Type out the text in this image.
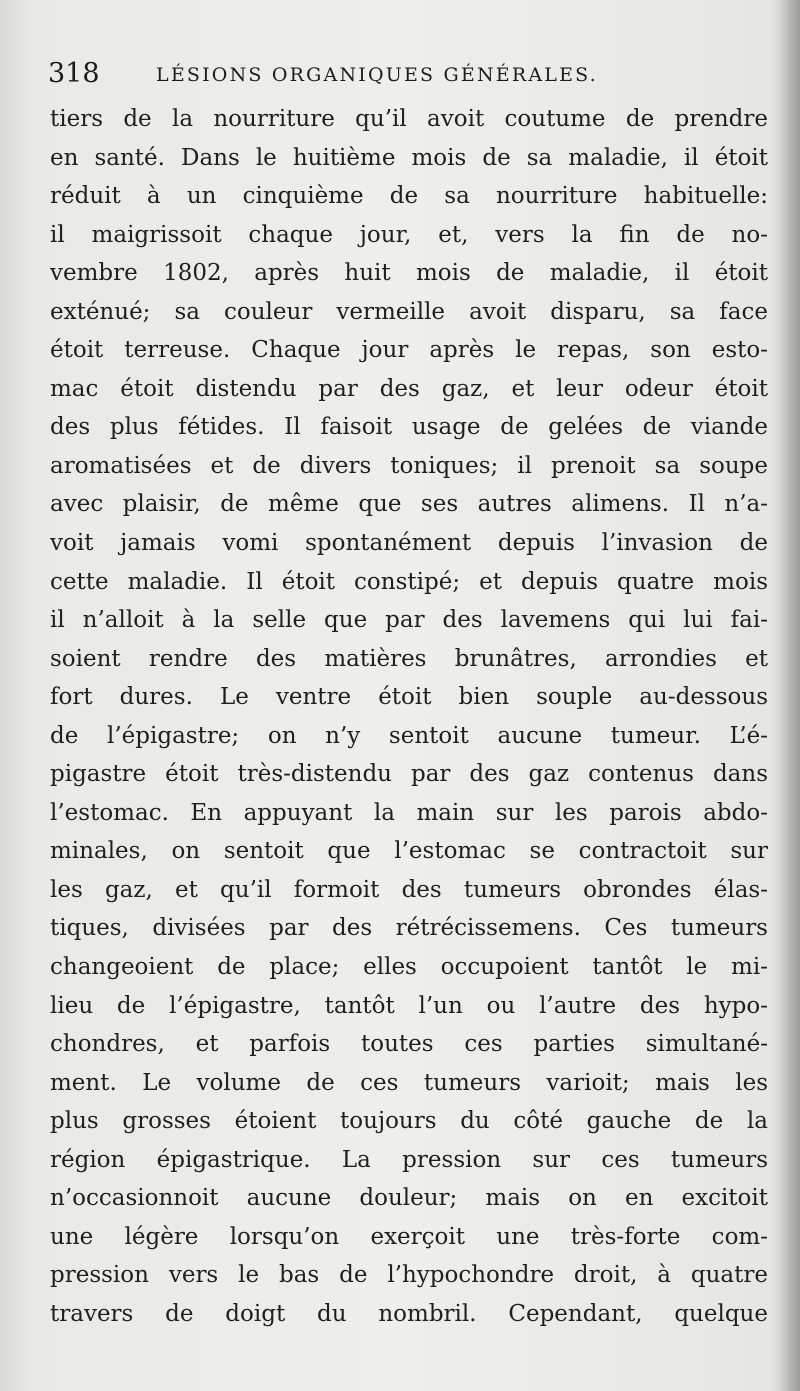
318	LÉSIONS ORGANIQUES GÉNÉRALES.
tiers de la nourriture qu’il avoit coutume de prendre
en santé. Dans le huitième mois de sa maladie, il étoit
réduit à un cinquième de sa nourriture habituelle:
il maigrissoit chaque jour, et, vers la fin de no-
vembre 1802, après huit mois de maladie, il étoit
exténué; sa couleur vermeille avoit disparu, sa face
étoit terreuse. Chaque jour après le repas, son esto-
mac étoit distendu par des gaz, et leur odeur étoit
des plus fétides. Il faisoit usage de gelées de viande
aromatisées et de divers toniques; il prenoit sa soupe
avec plaisir, de même que ses autres alimens. Il n’a-
voit jamais vomi spontanément depuis l’invasion de
cette maladie. Il étoit constipé; et depuis quatre mois
il n’alloit à la selle que par des lavemens qui lui fai-
soient rendre des matières brunâtres, arrondies et
fort dures. Le ventre étoit bien souple au-dessous
de l’épigastre; on n’y sentoit aucune tumeur. L’é-
pigastre étoit très-distendu par des gaz contenus dans
l’estomac. En appuyant la main sur les parois abdo-
minales, on sentoit que l’estomac se contractoit sur
les gaz, et qu’il formoit des tumeurs obrondes élas-
tiques, divisées par des rétrécissemens. Ces tumeurs
changeoient de place; elles occupoient tantôt le mi-
lieu de l’épigastre, tantôt l’un ou l’autre des hypo-
chondres, et parfois toutes ces parties simultané-
ment. Le volume de ces tumeurs varioit; mais les
plus grosses étoient toujours du côté gauche de la
région épigastrique. La pression sur ces tumeurs
n’occasionnoit aucune douleur; mais on en excitoit
une légère lorsqu’on exerçoit une très-forte com-
pression vers le bas de l’hypochondre droit, à quatre
travers de doigt du nombril. Cependant, quelque
